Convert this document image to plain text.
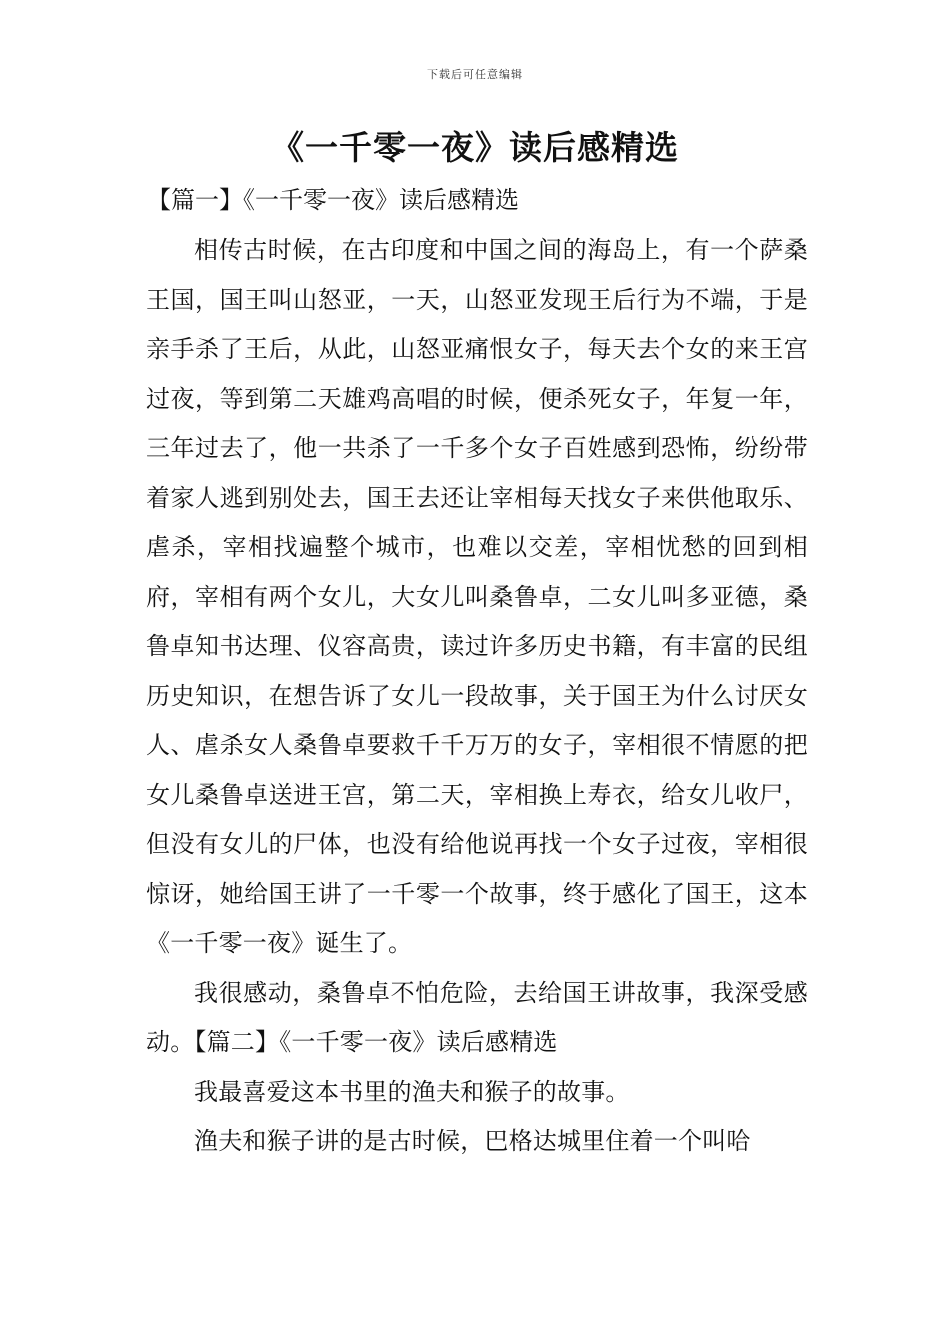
下载后可任意编辑
《一千零一夜》读后感精选

【篇一】《一千零一夜》读后感精选

相传古时候，在古印度和中国之间的海岛上，有一个萨桑王国，国王叫山怒亚，一天，山怒亚发现王后行为不端，于是亲手杀了王后，从此，山怒亚痛恨女子，每天去个女的来王宫过夜，等到第二天雄鸡高唱的时候，便杀死女子，年复一年，三年过去了，他一共杀了一千多个女子百姓感到恐怖，纷纷带着家人逃到别处去，国王去还让宰相每天找女子来供他取乐、虐杀，宰相找遍整个城市，也难以交差，宰相忧愁的回到相府，宰相有两个女儿，大女儿叫桑鲁卓，二女儿叫多亚德，桑鲁卓知书达理、仪容高贵，读过许多历史书籍，有丰富的民组历史知识，在想告诉了女儿一段故事，关于国王为什么讨厌女人、虐杀女人桑鲁卓要救千千万万的女子，宰相很不情愿的把女儿桑鲁卓送进王宫，第二天，宰相换上寿衣，给女儿收尸，但没有女儿的尸体，也没有给他说再找一个女子过夜，宰相很惊讶，她给国王讲了一千零一个故事，终于感化了国王，这本《一千零一夜》诞生了。

我很感动，桑鲁卓不怕危险，去给国王讲故事，我深受感动。【篇二】《一千零一夜》读后感精选

我最喜爱这本书里的渔夫和猴子的故事。

渔夫和猴子讲的是古时候，巴格达城里住着一个叫哈
